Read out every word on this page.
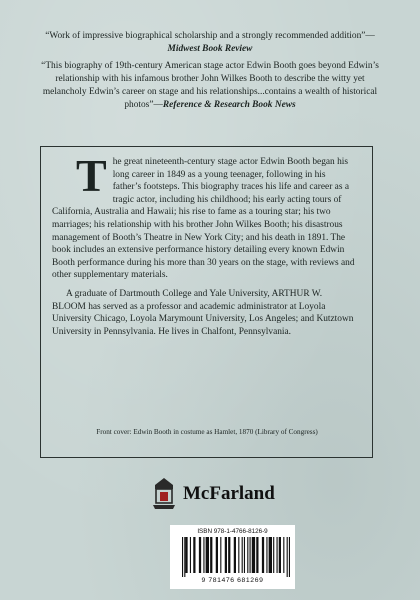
“Work of impressive biographical scholarship and a strongly recommended addition”—Midwest Book Review

“This biography of 19th-century American stage actor Edwin Booth goes beyond Edwin’s relationship with his infamous brother John Wilkes Booth to describe the witty yet melancholy Edwin’s career on stage and his relationships...contains a wealth of historical photos”—Reference & Research Book News

The great nineteenth-century stage actor Edwin Booth began his long career in 1849 as a young teenager, following in his father’s footsteps. This biography traces his life and career as a tragic actor, including his childhood; his early acting tours of California, Australia and Hawaii; his rise to fame as a touring star; his two marriages; his relationship with his brother John Wilkes Booth; his disastrous management of Booth’s Theatre in New York City; and his death in 1891. The book includes an extensive performance history detailing every known Edwin Booth performance during his more than 30 years on the stage, with reviews and other supplementary materials.

A graduate of Dartmouth College and Yale University, ARTHUR W. BLOOM has served as a professor and academic administrator at Loyola University Chicago, Loyola Marymount University, Los Angeles; and Kutztown University in Pennsylvania. He lives in Chalfont, Pennsylvania.

Front cover: Edwin Booth in costume as Hamlet, 1870 (Library of Congress)
McFarland
ISBN 978-1-4766-8126-9
9 781476 681269
